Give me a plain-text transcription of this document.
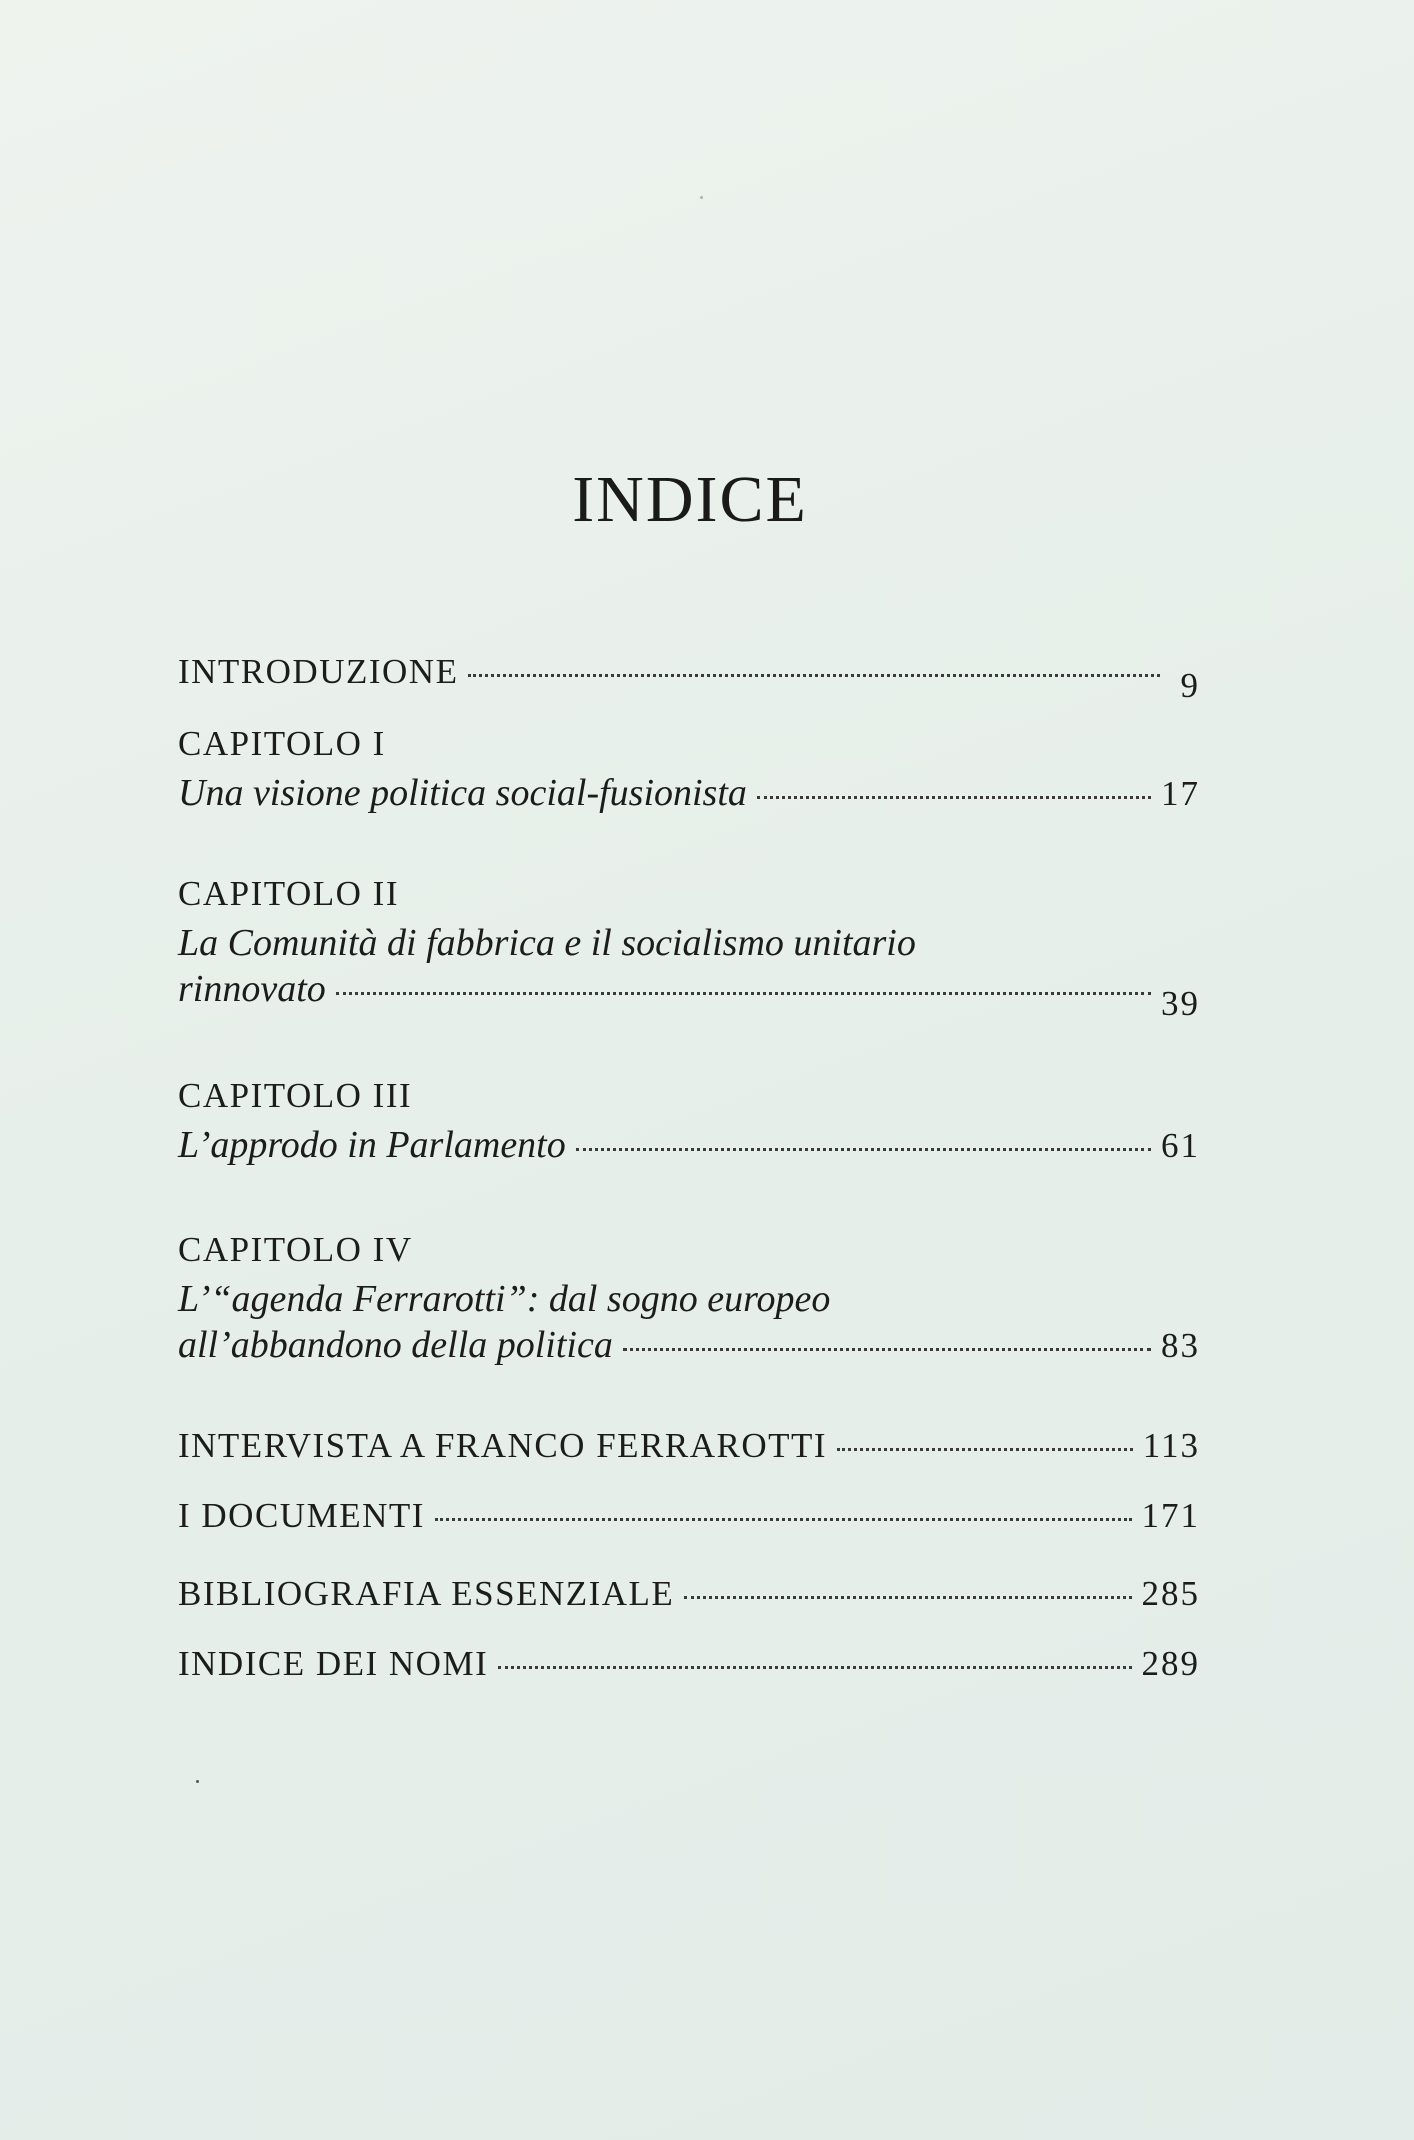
INDICE
INTRODUZIONE	9
CAPITOLO I
Una visione politica social-fusionista	17
CAPITOLO II
La Comunità di fabbrica e il socialismo unitario
rinnovato	39
CAPITOLO III
L’approdo in Parlamento	61
CAPITOLO IV
L’“agenda Ferrarotti”: dal sogno europeo
all’abbandono della politica	83
INTERVISTA A FRANCO FERRAROTTI	113
I DOCUMENTI	171
BIBLIOGRAFIA ESSENZIALE	285
INDICE DEI NOMI	289
